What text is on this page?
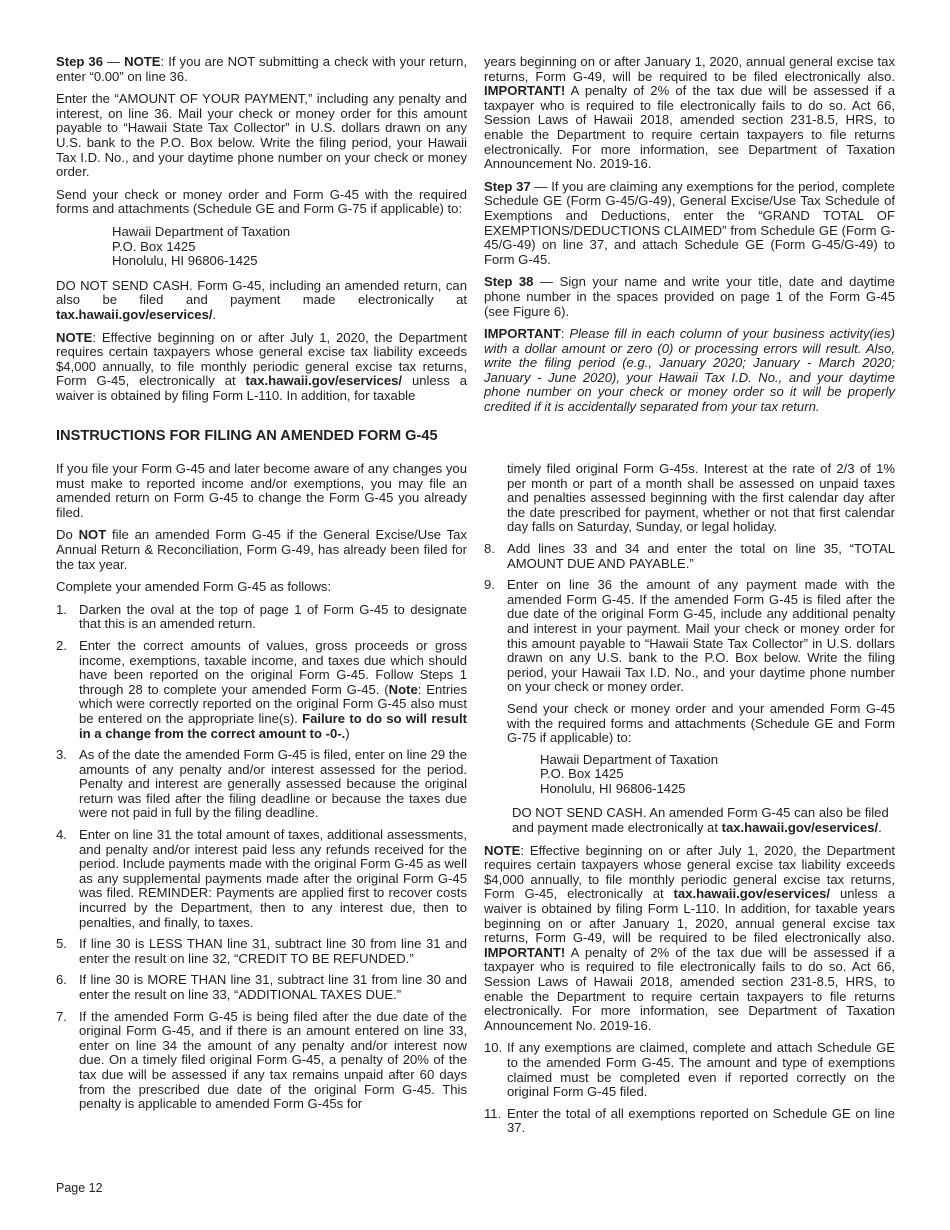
Step 36 — NOTE: If you are NOT submitting a check with your return, enter “0.00” on line 36.

Enter the “AMOUNT OF YOUR PAYMENT,” including any penalty and interest, on line 36. Mail your check or money order for this amount payable to “Hawaii State Tax Collector” in U.S. dollars drawn on any U.S. bank to the P.O. Box below. Write the filing period, your Hawaii Tax I.D. No., and your daytime phone number on your check or money order.

Send your check or money order and Form G-45 with the required forms and attachments (Schedule GE and Form G-75 if applicable) to:

Hawaii Department of Taxation
P.O. Box 1425
Honolulu, HI 96806-1425

DO NOT SEND CASH. Form G-45, including an amended return, can also be filed and payment made electronically at tax.hawaii.gov/eservices/.

NOTE: Effective beginning on or after July 1, 2020, the Department requires certain taxpayers whose general excise tax liability exceeds $4,000 annually, to file monthly periodic general excise tax returns, Form G-45, electronically at tax.hawaii.gov/eservices/ unless a waiver is obtained by filing Form L-110. In addition, for taxable

years beginning on or after January 1, 2020, annual general excise tax returns, Form G-49, will be required to be filed electronically also. IMPORTANT! A penalty of 2% of the tax due will be assessed if a taxpayer who is required to file electronically fails to do so. Act 66, Session Laws of Hawaii 2018, amended section 231-8.5, HRS, to enable the Department to require certain taxpayers to file returns electronically. For more information, see Department of Taxation Announcement No. 2019-16.

Step 37 — If you are claiming any exemptions for the period, complete Schedule GE (Form G-45/G-49), General Excise/Use Tax Schedule of Exemptions and Deductions, enter the “GRAND TOTAL OF EXEMPTIONS/DEDUCTIONS CLAIMED” from Schedule GE (Form G-45/G-49) on line 37, and attach Schedule GE (Form G-45/G-49) to Form G-45.

Step 38 — Sign your name and write your title, date and daytime phone number in the spaces provided on page 1 of the Form G-45 (see Figure 6).

IMPORTANT: Please fill in each column of your business activity(ies) with a dollar amount or zero (0) or processing errors will result. Also, write the filing period (e.g., January 2020; January - March 2020; January - June 2020), your Hawaii Tax I.D. No., and your daytime phone number on your check or money order so it will be properly credited if it is accidentally separated from your tax return.

INSTRUCTIONS FOR FILING AN AMENDED FORM G-45

If you file your Form G-45 and later become aware of any changes you must make to reported income and/or exemptions, you may file an amended return on Form G-45 to change the Form G-45 you already filed.

Do NOT file an amended Form G-45 if the General Excise/Use Tax Annual Return & Reconciliation, Form G-49, has already been filed for the tax year.

Complete your amended Form G-45 as follows:

1. Darken the oval at the top of page 1 of Form G-45 to designate that this is an amended return.
2. Enter the correct amounts of values, gross proceeds or gross income, exemptions, taxable income, and taxes due which should have been reported on the original Form G-45. Follow Steps 1 through 28 to complete your amended Form G-45. (Note: Entries which were correctly reported on the original Form G-45 also must be entered on the appropriate line(s). Failure to do so will result in a change from the correct amount to -0-.)
3. As of the date the amended Form G-45 is filed, enter on line 29 the amounts of any penalty and/or interest assessed for the period. Penalty and interest are generally assessed because the original return was filed after the filing deadline or because the taxes due were not paid in full by the filing deadline.
4. Enter on line 31 the total amount of taxes, additional assessments, and penalty and/or interest paid less any refunds received for the period. Include payments made with the original Form G-45 as well as any supplemental payments made after the original Form G-45 was filed. REMINDER: Payments are applied first to recover costs incurred by the Department, then to any interest due, then to penalties, and finally, to taxes.
5. If line 30 is LESS THAN line 31, subtract line 30 from line 31 and enter the result on line 32, “CREDIT TO BE REFUNDED.”
6. If line 30 is MORE THAN line 31, subtract line 31 from line 30 and enter the result on line 33, “ADDITIONAL TAXES DUE.”
7. If the amended Form G-45 is being filed after the due date of the original Form G-45, and if there is an amount entered on line 33, enter on line 34 the amount of any penalty and/or interest now due. On a timely filed original Form G-45, a penalty of 20% of the tax due will be assessed if any tax remains unpaid after 60 days from the prescribed due date of the original Form G-45. This penalty is applicable to amended Form G-45s for
timely filed original Form G-45s. Interest at the rate of 2/3 of 1% per month or part of a month shall be assessed on unpaid taxes and penalties assessed beginning with the first calendar day after the date prescribed for payment, whether or not that first calendar day falls on Saturday, Sunday, or legal holiday.
8. Add lines 33 and 34 and enter the total on line 35, “TOTAL AMOUNT DUE AND PAYABLE.”
9. Enter on line 36 the amount of any payment made with the amended Form G-45. If the amended Form G-45 is filed after the due date of the original Form G-45, include any additional penalty and interest in your payment. Mail your check or money order for this amount payable to “Hawaii State Tax Collector” in U.S. dollars drawn on any U.S. bank to the P.O. Box below. Write the filing period, your Hawaii Tax I.D. No., and your daytime phone number on your check or money order.
Send your check or money order and your amended Form G-45 with the required forms and attachments (Schedule GE and Form G-75 if applicable) to:
Hawaii Department of Taxation
P.O. Box 1425
Honolulu, HI 96806-1425
DO NOT SEND CASH. An amended Form G-45 can also be filed and payment made electronically at tax.hawaii.gov/eservices/.

NOTE: Effective beginning on or after July 1, 2020, the Department requires certain taxpayers whose general excise tax liability exceeds $4,000 annually, to file monthly periodic general excise tax returns, Form G-45, electronically at tax.hawaii.gov/eservices/ unless a waiver is obtained by filing Form L-110. In addition, for taxable years beginning on or after January 1, 2020, annual general excise tax returns, Form G-49, will be required to be filed electronically also. IMPORTANT! A penalty of 2% of the tax due will be assessed if a taxpayer who is required to file electronically fails to do so. Act 66, Session Laws of Hawaii 2018, amended section 231-8.5, HRS, to enable the Department to require certain taxpayers to file returns electronically. For more information, see Department of Taxation Announcement No. 2019-16.

10. If any exemptions are claimed, complete and attach Schedule GE to the amended Form G-45. The amount and type of exemptions claimed must be completed even if reported correctly on the original Form G-45 filed.
11. Enter the total of all exemptions reported on Schedule GE on line 37.
Page 12
